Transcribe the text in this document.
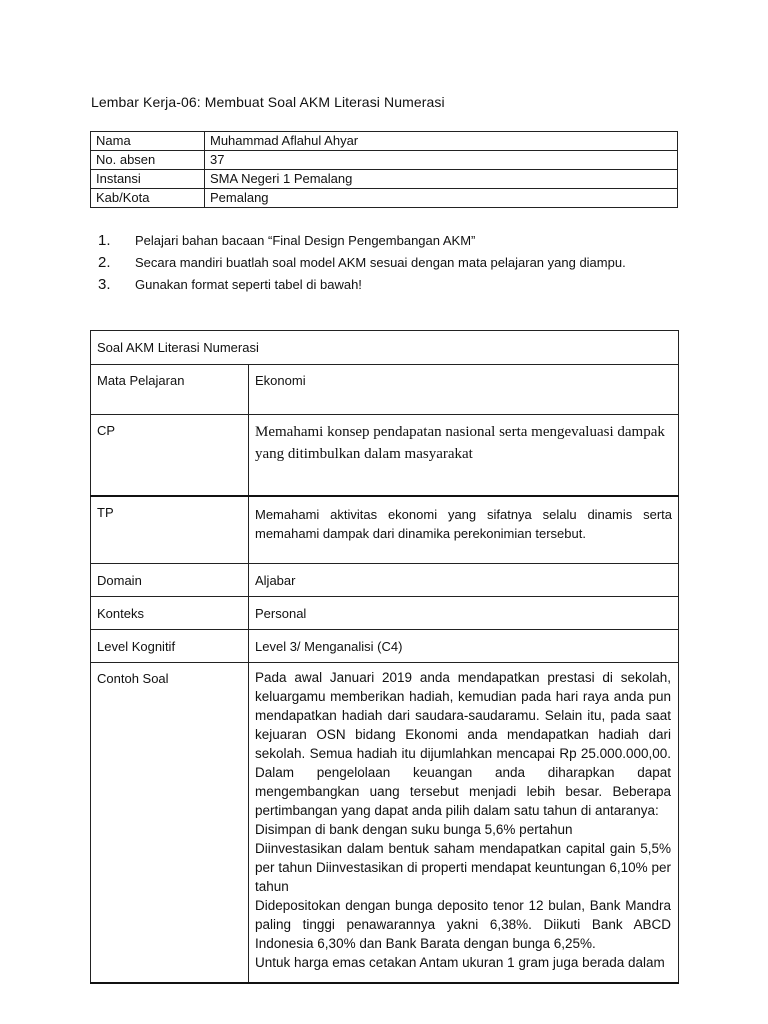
Lembar Kerja-06: Membuat Soal AKM Literasi Numerasi
Nama	Muhammad Aflahul Ahyar
No. absen	37
Instansi	SMA Negeri 1 Pemalang
Kab/Kota	Pemalang
1.	Pelajari bahan bacaan “Final Design Pengembangan AKM”
2.	Secara mandiri buatlah soal model AKM sesuai dengan mata pelajaran yang diampu.
3.	Gunakan format seperti tabel di bawah!
Soal AKM Literasi Numerasi	
Mata Pelajaran	Ekonomi
CP	Memahami konsep pendapatan nasional serta mengevaluasi dampak yang ditimbulkan dalam masyarakat
TP	Memahami aktivitas ekonomi yang sifatnya selalu dinamis serta memahami dampak dari dinamika perekonimian tersebut.
Domain	Aljabar
Konteks	Personal
Level Kognitif	Level 3/ Menganalisi (C4)
Contoh Soal	Pada awal Januari 2019 anda mendapatkan prestasi di sekolah, keluargamu memberikan hadiah, kemudian pada hari raya anda pun mendapatkan hadiah dari saudara-saudaramu. Selain itu, pada saat kejuaran OSN bidang Ekonomi anda mendapatkan hadiah dari sekolah. Semua hadiah itu dijumlahkan mencapai Rp 25.000.000,00. Dalam pengelolaan keuangan anda diharapkan dapat mengembangkan uang tersebut menjadi lebih besar. Beberapa pertimbangan yang dapat anda pilih dalam satu tahun di antaranya:

Disimpan di bank dengan suku bunga 5,6% pertahun

Diinvestasikan dalam bentuk saham mendapatkan capital gain 5,5% per tahun Diinvestasikan di properti mendapat keuntungan 6,10% per tahun

Didepositokan dengan bunga deposito tenor 12 bulan, Bank Mandra paling tinggi penawarannya yakni 6,38%. Diikuti Bank ABCD Indonesia 6,30% dan Bank Barata dengan bunga 6,25%.

Untuk harga emas cetakan Antam ukuran 1 gram juga berada dalam
